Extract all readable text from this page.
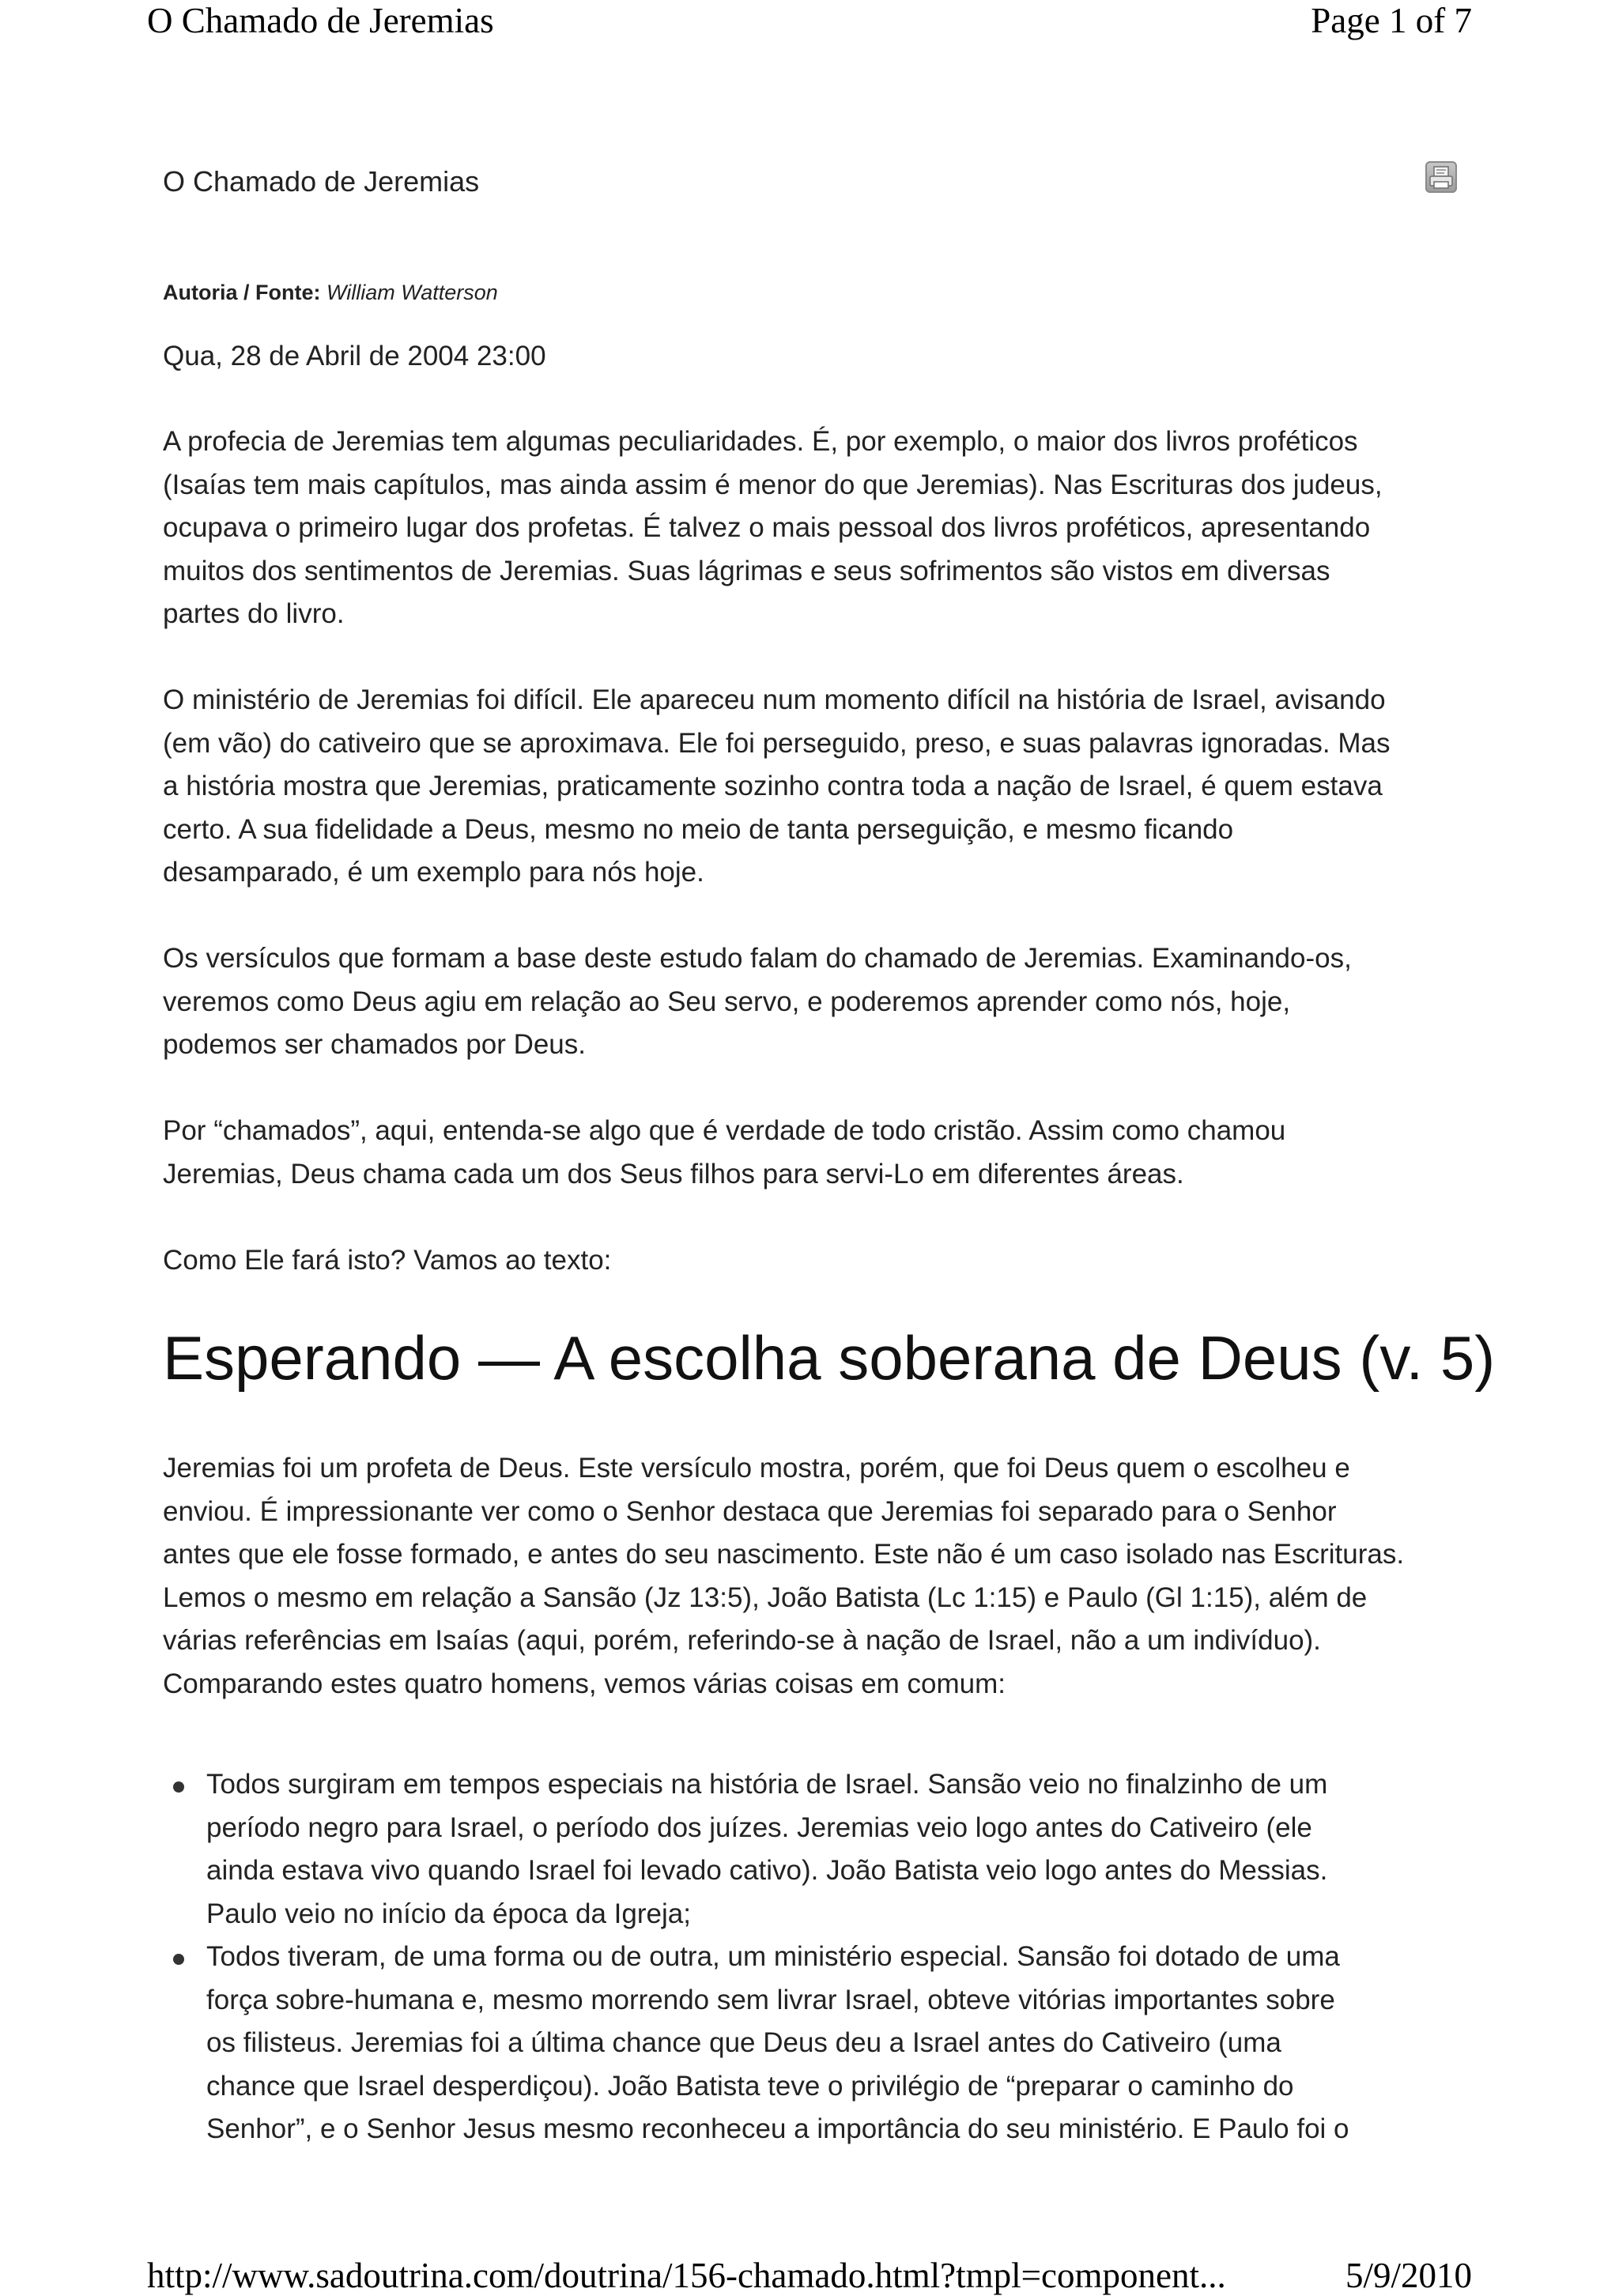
O Chamado de Jeremias	Page 1 of 7
O Chamado de Jeremias
Autoria / Fonte: William Watterson
Qua, 28 de Abril de 2004 23:00

A profecia de Jeremias tem algumas peculiaridades. É, por exemplo, o maior dos livros proféticos
(Isaías tem mais capítulos, mas ainda assim é menor do que Jeremias). Nas Escrituras dos judeus,
ocupava o primeiro lugar dos profetas. É talvez o mais pessoal dos livros proféticos, apresentando
muitos dos sentimentos de Jeremias. Suas lágrimas e seus sofrimentos são vistos em diversas
partes do livro.

O ministério de Jeremias foi difícil. Ele apareceu num momento difícil na história de Israel, avisando
(em vão) do cativeiro que se aproximava. Ele foi perseguido, preso, e suas palavras ignoradas. Mas
a história mostra que Jeremias, praticamente sozinho contra toda a nação de Israel, é quem estava
certo. A sua fidelidade a Deus, mesmo no meio de tanta perseguição, e mesmo ficando
desamparado, é um exemplo para nós hoje.

Os versículos que formam a base deste estudo falam do chamado de Jeremias. Examinando-os,
veremos como Deus agiu em relação ao Seu servo, e poderemos aprender como nós, hoje,
podemos ser chamados por Deus.

Por “chamados”, aqui, entenda-se algo que é verdade de todo cristão. Assim como chamou
Jeremias, Deus chama cada um dos Seus filhos para servi-Lo em diferentes áreas.

Como Ele fará isto? Vamos ao texto:

Esperando — A escolha soberana de Deus (v. 5)

Jeremias foi um profeta de Deus. Este versículo mostra, porém, que foi Deus quem o escolheu e
enviou. É impressionante ver como o Senhor destaca que Jeremias foi separado para o Senhor
antes que ele fosse formado, e antes do seu nascimento. Este não é um caso isolado nas Escrituras.
Lemos o mesmo em relação a Sansão (Jz 13:5), João Batista (Lc 1:15) e Paulo (Gl 1:15), além de
várias referências em Isaías (aqui, porém, referindo-se à nação de Israel, não a um indivíduo).
Comparando estes quatro homens, vemos várias coisas em comum:

Todos surgiram em tempos especiais na história de Israel. Sansão veio no finalzinho de um
período negro para Israel, o período dos juízes. Jeremias veio logo antes do Cativeiro (ele
ainda estava vivo quando Israel foi levado cativo). João Batista veio logo antes do Messias.
Paulo veio no início da época da Igreja;
Todos tiveram, de uma forma ou de outra, um ministério especial. Sansão foi dotado de uma
força sobre-humana e, mesmo morrendo sem livrar Israel, obteve vitórias importantes sobre
os filisteus. Jeremias foi a última chance que Deus deu a Israel antes do Cativeiro (uma
chance que Israel desperdiçou). João Batista teve o privilégio de “preparar o caminho do
Senhor”, e o Senhor Jesus mesmo reconheceu a importância do seu ministério. E Paulo foi o
http://www.sadoutrina.com/doutrina/156-chamado.html?tmpl=component...	5/9/2010
